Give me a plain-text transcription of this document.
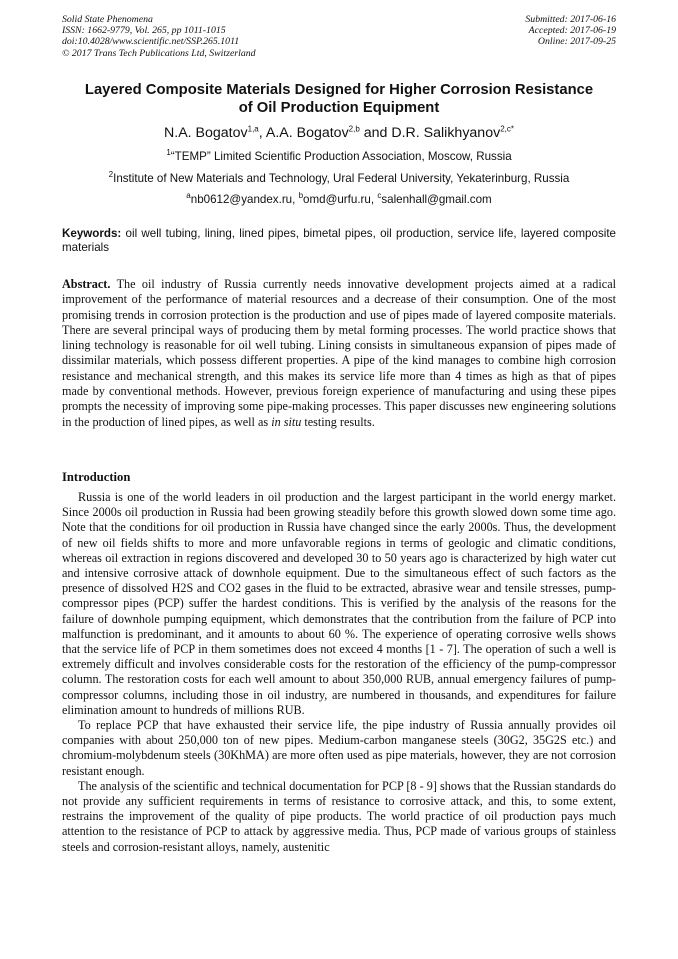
Solid State Phenomena
ISSN: 1662-9779, Vol. 265, pp 1011-1015
doi:10.4028/www.scientific.net/SSP.265.1011
© 2017 Trans Tech Publications Ltd, Switzerland
Submitted: 2017-06-16
Accepted: 2017-06-19
Online: 2017-09-25
Layered Composite Materials Designed for Higher Corrosion Resistance
of Oil Production Equipment
N.A. Bogatov$^{1,a}$, A.A. Bogatov$^{2,b}$ and D.R. Salikhyanov$^{2,c*}$
$^1$“TEMP” Limited Scientific Production Association, Moscow, Russia
$^2$Institute of New Materials and Technology, Ural Federal University, Yekaterinburg, Russia
$^a$nb0612@yandex.ru, $^b$omd@urfu.ru, $^c$salenhall@gmail.com
Keywords: oil well tubing, lining, lined pipes, bimetal pipes, oil production, service life, layered composite materials

Abstract. The oil industry of Russia currently needs innovative development projects aimed at a radical improvement of the performance of material resources and a decrease of their consumption. One of the most promising trends in corrosion protection is the production and use of pipes made of layered composite materials. There are several principal ways of producing them by metal forming processes. The world practice shows that lining technology is reasonable for oil well tubing. Lining consists in simultaneous expansion of pipes made of dissimilar materials, which possess different properties. A pipe of the kind manages to combine high corrosion resistance and mechanical strength, and this makes its service life more than 4 times as high as that of pipes made by conventional methods. However, previous foreign experience of manufacturing and using these pipes prompts the necessity of improving some pipe-making processes. This paper discusses new engineering solutions in the production of lined pipes, as well as in situ testing results.

Introduction

Russia is one of the world leaders in oil production and the largest participant in the world energy market. Since 2000s oil production in Russia had been growing steadily before this growth slowed down some time ago. Note that the conditions for oil production in Russia have changed since the early 2000s. Thus, the development of new oil fields shifts to more and more unfavorable regions in terms of geologic and climatic conditions, whereas oil extraction in regions discovered and developed 30 to 50 years ago is characterized by high water cut and intensive corrosive attack of downhole equipment. Due to the simultaneous effect of such factors as the presence of dissolved H2S and CO2 gases in the fluid to be extracted, abrasive wear and tensile stresses, pump-compressor pipes (PCP) suffer the hardest conditions. This is verified by the analysis of the reasons for the failure of downhole pumping equipment, which demonstrates that the contribution from the failure of PCP into malfunction is predominant, and it amounts to about 60 %. The experience of operating corrosive wells shows that the service life of PCP in them sometimes does not exceed 4 months [1 - 7]. The operation of such a well is extremely difficult and involves considerable costs for the restoration of the efficiency of the pump-compressor column. The restoration costs for each well amount to about 350,000 RUB, annual emergency failures of pump-compressor columns, including those in oil industry, are numbered in thousands, and expenditures for failure elimination amount to hundreds of millions RUB.

To replace PCP that have exhausted their service life, the pipe industry of Russia annually provides oil companies with about 250,000 ton of new pipes. Medium-carbon manganese steels (30G2, 35G2S etc.) and chromium-molybdenum steels (30KhMA) are more often used as pipe materials, however, they are not corrosion resistant enough.

The analysis of the scientific and technical documentation for PCP [8 - 9] shows that the Russian standards do not provide any sufficient requirements in terms of resistance to corrosive attack, and this, to some extent, restrains the improvement of the quality of pipe products. The world practice of oil production pays much attention to the resistance of PCP to attack by aggressive media. Thus, PCP made of various groups of stainless steels and corrosion-resistant alloys, namely, austenitic
